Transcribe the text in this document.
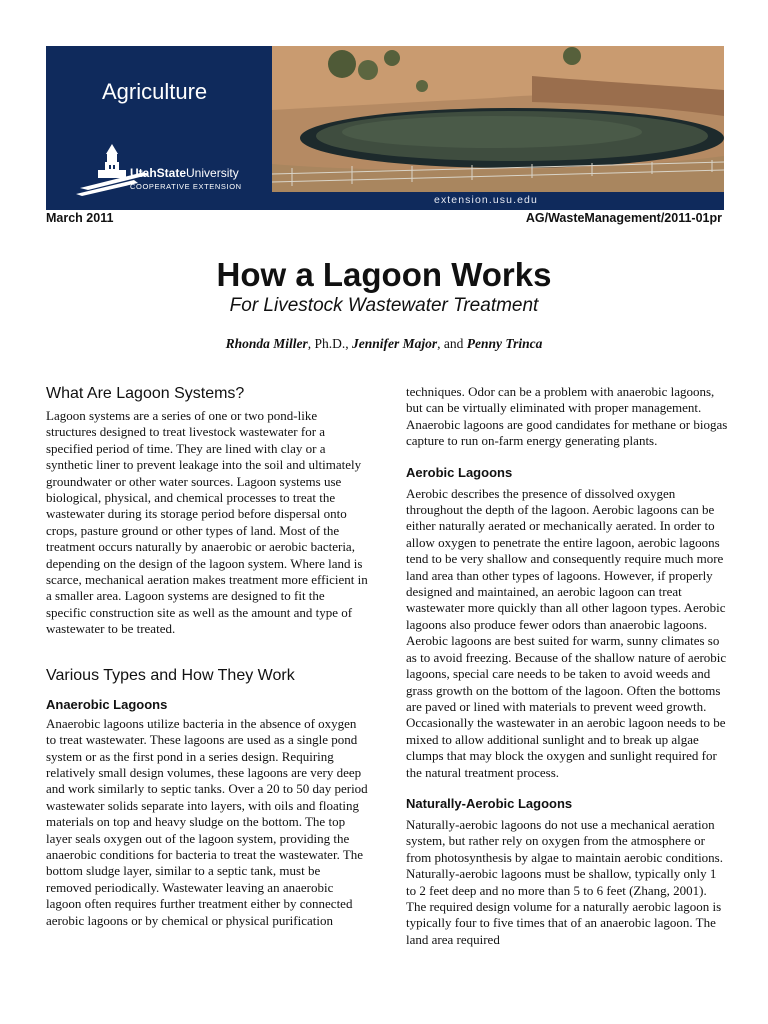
Agriculture
UtahStateUniversity
COOPERATIVE EXTENSION
extension.usu.edu
March 2011	AG/WasteManagement/2011-01pr
How a Lagoon Works
For Livestock Wastewater Treatment
Rhonda Miller, Ph.D., Jennifer Major, and Penny Trinca
What Are Lagoon Systems?

Lagoon systems are a series of one or two pond-like structures designed to treat livestock wastewater for a specified period of time. They are lined with clay or a synthetic liner to prevent leakage into the soil and ultimately groundwater or other water sources. Lagoon systems use biological, physical, and chemical processes to treat the wastewater during its storage period before dispersal onto crops, pasture ground or other types of land. Most of the treatment occurs naturally by anaerobic or aerobic bacteria, depending on the design of the lagoon system. Where land is scarce, mechanical aeration makes treatment more efficient in a smaller area. Lagoon systems are designed to fit the specific construction site as well as the amount and type of wastewater to be treated.

Various Types and How They Work
Anaerobic Lagoons

Anaerobic lagoons utilize bacteria in the absence of oxygen to treat wastewater. These lagoons are used as a single pond system or as the first pond in a series design. Requiring relatively small design volumes, these lagoons are very deep and work similarly to septic tanks. Over a 20 to 50 day period wastewater solids separate into layers, with oils and floating materials on top and heavy sludge on the bottom. The top layer seals oxygen out of the lagoon system, providing the anaerobic conditions for bacteria to treat the wastewater. The bottom sludge layer, similar to a septic tank, must be removed periodically. Wastewater leaving an anaerobic lagoon often requires further treatment either by connected aerobic lagoons or by chemical or physical purification

techniques. Odor can be a problem with anaerobic lagoons, but can be virtually eliminated with proper management. Anaerobic lagoons are good candidates for methane or biogas capture to run on-farm energy generating plants.

Aerobic Lagoons

Aerobic describes the presence of dissolved oxygen throughout the depth of the lagoon. Aerobic lagoons can be either naturally aerated or mechanically aerated. In order to allow oxygen to penetrate the entire lagoon, aerobic lagoons tend to be very shallow and consequently require much more land area than other types of lagoons. However, if properly designed and maintained, an aerobic lagoon can treat wastewater more quickly than all other lagoon types. Aerobic lagoons also produce fewer odors than anaerobic lagoons. Aerobic lagoons are best suited for warm, sunny climates so as to avoid freezing. Because of the shallow nature of aerobic lagoons, special care needs to be taken to avoid weeds and grass growth on the bottom of the lagoon. Often the bottoms are paved or lined with materials to prevent weed growth. Occasionally the wastewater in an aerobic lagoon needs to be mixed to allow additional sunlight and to break up algae clumps that may block the oxygen and sunlight required for the natural treatment process.

Naturally-Aerobic Lagoons

Naturally-aerobic lagoons do not use a mechanical aeration system, but rather rely on oxygen from the atmosphere or from photosynthesis by algae to maintain aerobic conditions. Naturally-aerobic lagoons must be shallow, typically only 1 to 2 feet deep and no more than 5 to 6 feet (Zhang, 2001). The required design volume for a naturally aerobic lagoon is typically four to five times that of an anaerobic lagoon. The land area required
